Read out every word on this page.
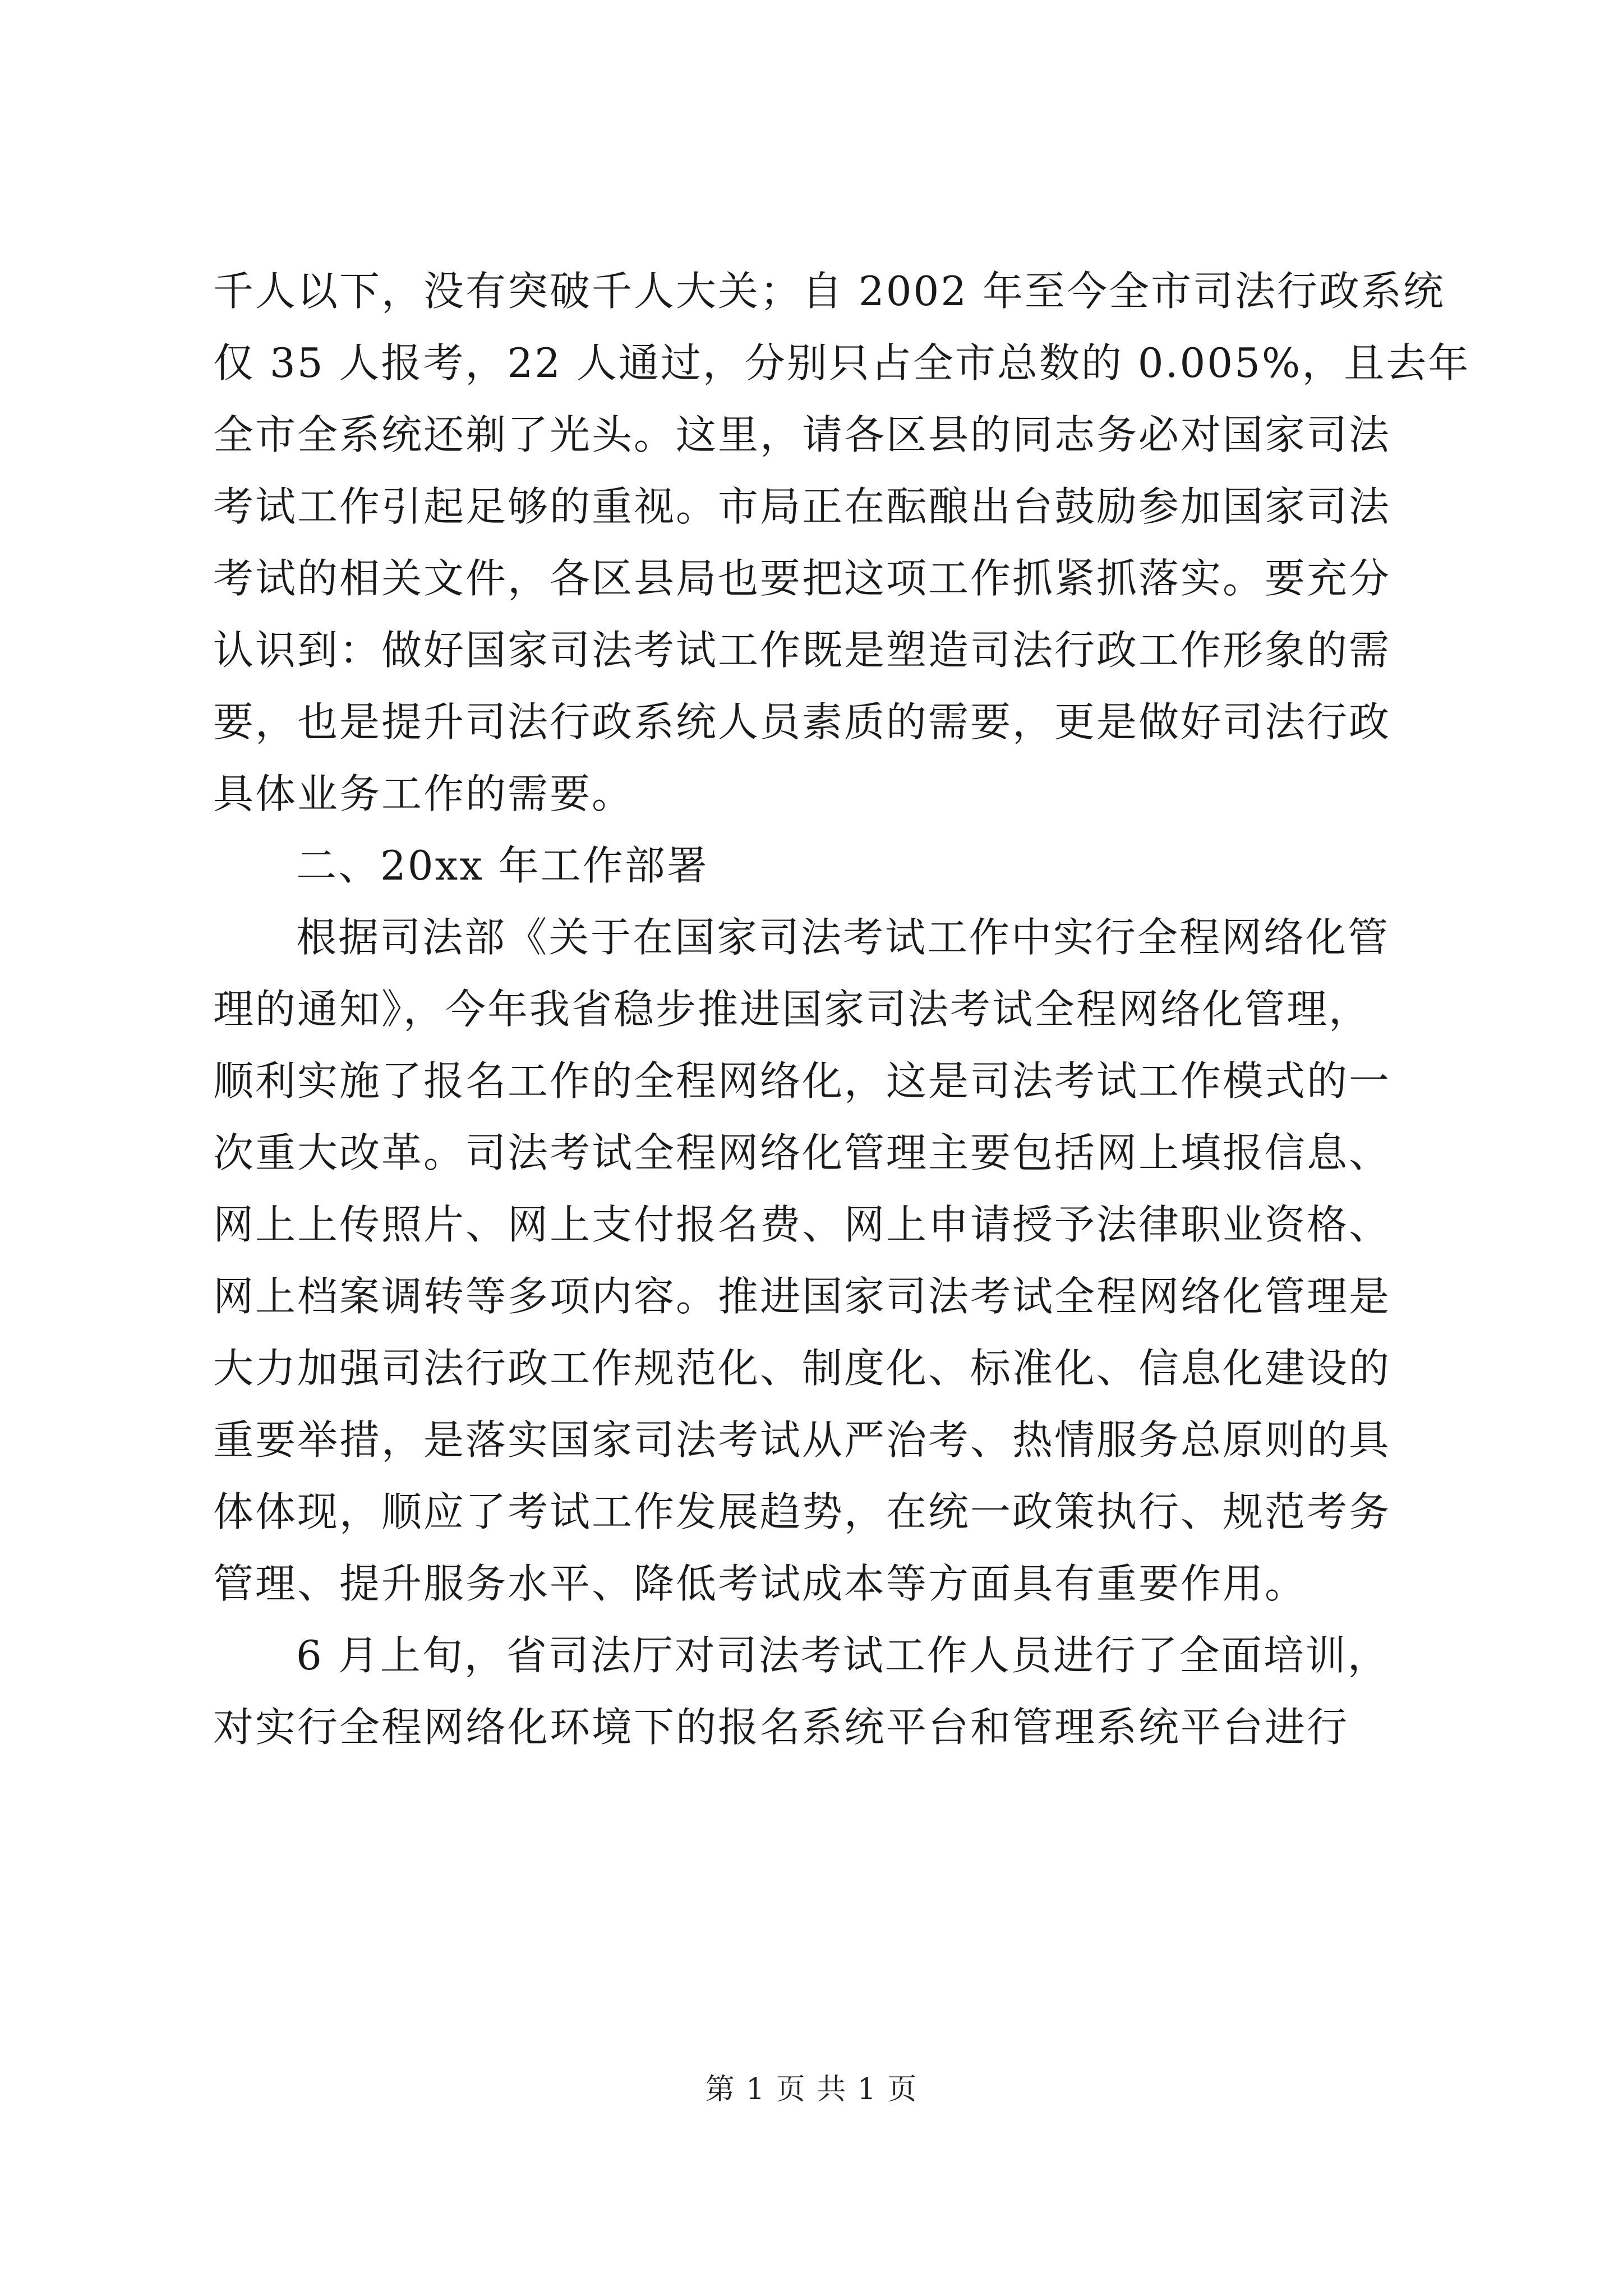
千人以下，没有突破千人大关；自 2002 年至今全市司法行政系统
仅 35 人报考，22 人通过，分别只占全市总数的 0.005%，且去年
全市全系统还剃了光头。这里，请各区县的同志务必对国家司法
考试工作引起足够的重视。市局正在酝酿出台鼓励参加国家司法
考试的相关文件，各区县局也要把这项工作抓紧抓落实。要充分
认识到：做好国家司法考试工作既是塑造司法行政工作形象的需
要，也是提升司法行政系统人员素质的需要，更是做好司法行政
具体业务工作的需要。
二、20xx 年工作部署
根据司法部《关于在国家司法考试工作中实行全程网络化管
理的通知》，今年我省稳步推进国家司法考试全程网络化管理，
顺利实施了报名工作的全程网络化，这是司法考试工作模式的一
次重大改革。司法考试全程网络化管理主要包括网上填报信息、
网上上传照片、网上支付报名费、网上申请授予法律职业资格、
网上档案调转等多项内容。推进国家司法考试全程网络化管理是
大力加强司法行政工作规范化、制度化、标准化、信息化建设的
重要举措，是落实国家司法考试从严治考、热情服务总原则的具
体体现，顺应了考试工作发展趋势，在统一政策执行、规范考务
管理、提升服务水平、降低考试成本等方面具有重要作用。
6 月上旬，省司法厅对司法考试工作人员进行了全面培训，
对实行全程网络化环境下的报名系统平台和管理系统平台进行
第 1 页 共 1 页
